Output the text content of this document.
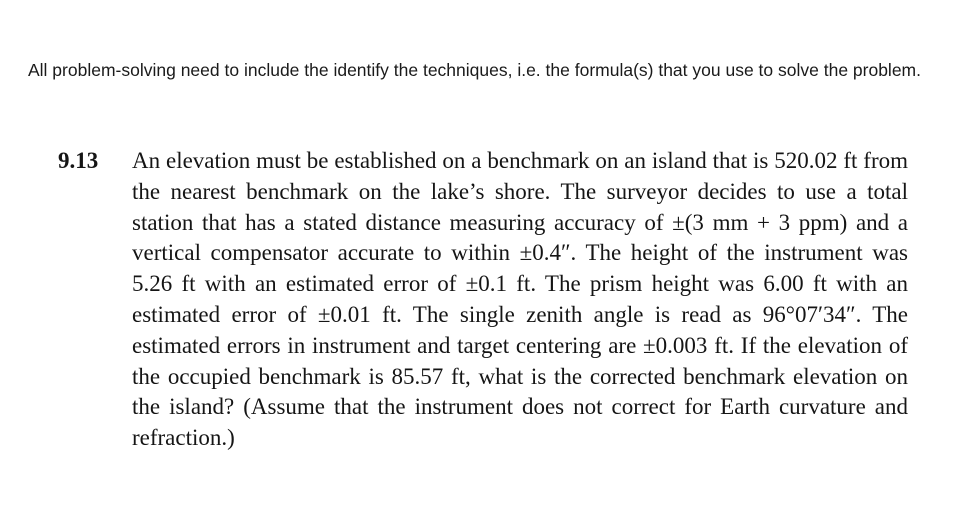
All problem-solving need to include the identify the techniques, i.e. the formula(s) that you use to solve the problem.

9.13	An elevation must be established on a benchmark on an island that is 520.02 ft from the nearest benchmark on the lake’s shore. The surveyor decides to use a total station that has a stated distance measuring accuracy of ±(3 mm + 3 ppm) and a vertical compensator accurate to within ±0.4″. The height of the instrument was 5.26 ft with an estimated error of ±0.1 ft. The prism height was 6.00 ft with an estimated error of ±0.01 ft. The single zenith angle is read as 96°07′34″. The estimated errors in instrument and target centering are ±0.003 ft. If the elevation of the occupied benchmark is 85.57 ft, what is the corrected benchmark elevation on the island? (Assume that the instrument does not correct for Earth curvature and refraction.)
